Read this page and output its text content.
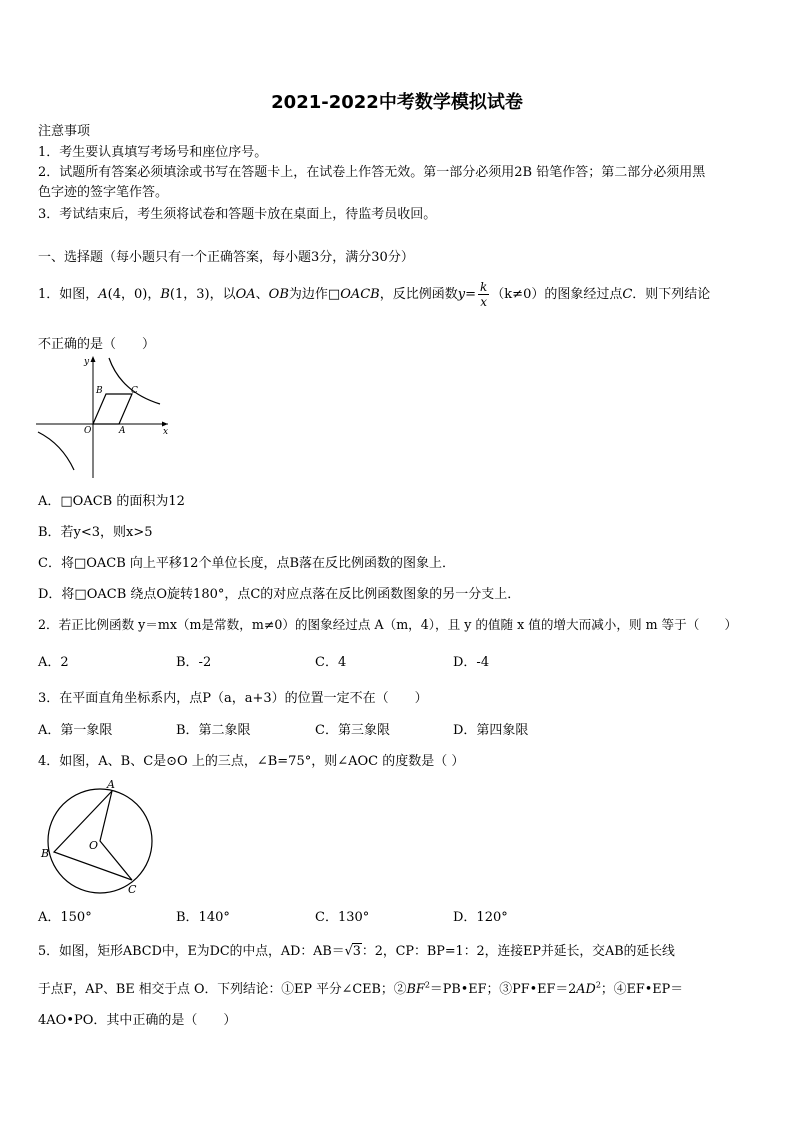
2021-2022中考数学模拟试卷
注意事项
1．考生要认真填写考场号和座位序号。
2．试题所有答案必须填涂或书写在答题卡上，在试卷上作答无效。第一部分必须用2B 铅笔作答；第二部分必须用黑
色字迹的签字笔作答。
3．考试结束后，考生须将试卷和答题卡放在桌面上，待监考员收回。
一、选择题（每小题只有一个正确答案，每小题3分，满分30分）
1．如图，A(4，0)，B(1，3)，以OA、OB为边作□OACB，反比例函数$y= \frac{k}{x} (k\ne 0)$的图象经过点C．则下列结论
不正确的是（　　）
y
x
O	A
B	C
A．□OACB 的面积为12
B．若y<3，则x>5
C．将□OACB 向上平移12个单位长度，点B落在反比例函数的图象上．
D．将□OACB 绕点O旋转180°，点C的对应点落在反比例函数图象的另一分支上．
2．若正比例函数 y＝mx（m是常数，m≠0）的图象经过点 A（m，4），且 y 的值随 x 值的增大而减小，则 m 等于（　　）
A．2	B．-2	C．4	D．-4
3．在平面直角坐标系内，点P（a，a+3）的位置一定不在（　　）
A．第一象限	B．第二象限	C．第三象限	D．第四象限
4．如图，A、B、C是⊙O 上的三点，∠B=75°，则∠AOC 的度数是（ ）
A
B
C
O
A．150°	B．140°	C．130°	D．120°
5．如图，矩形ABCD中，E为DC的中点，AD：AB＝√3：2，CP：BP=1：2，连接EP并延长，交AB的延长线
于点F，AP、BE 相交于点 O．下列结论：①EP 平分∠CEB；$②BF^2=PB•EF$；$③PF•EF=2AD^2$；④EF•EP＝
4AO•PO．其中正确的是（　　）
